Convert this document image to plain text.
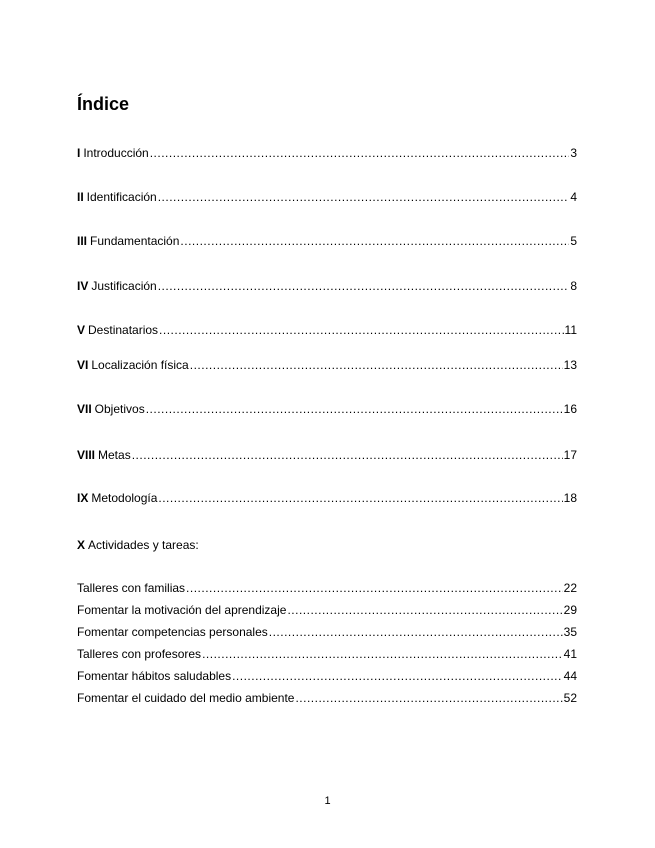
Índice
I Introducción .....	3
II Identificación .....	4
III Fundamentación .....	5
IV Justificación .....	8
V Destinatarios .....	11
VI Localización física .....	13
VII Objetivos .....	16
VIII Metas .....	17
IX Metodología .....	18
X Actividades y tareas:
Talleres con familias .....	22
Fomentar la motivación del aprendizaje .....	29
Fomentar competencias personales .....	35
Talleres con profesores .....	41
Fomentar hábitos saludables .....	44
Fomentar el cuidado del medio ambiente .....	52
1
